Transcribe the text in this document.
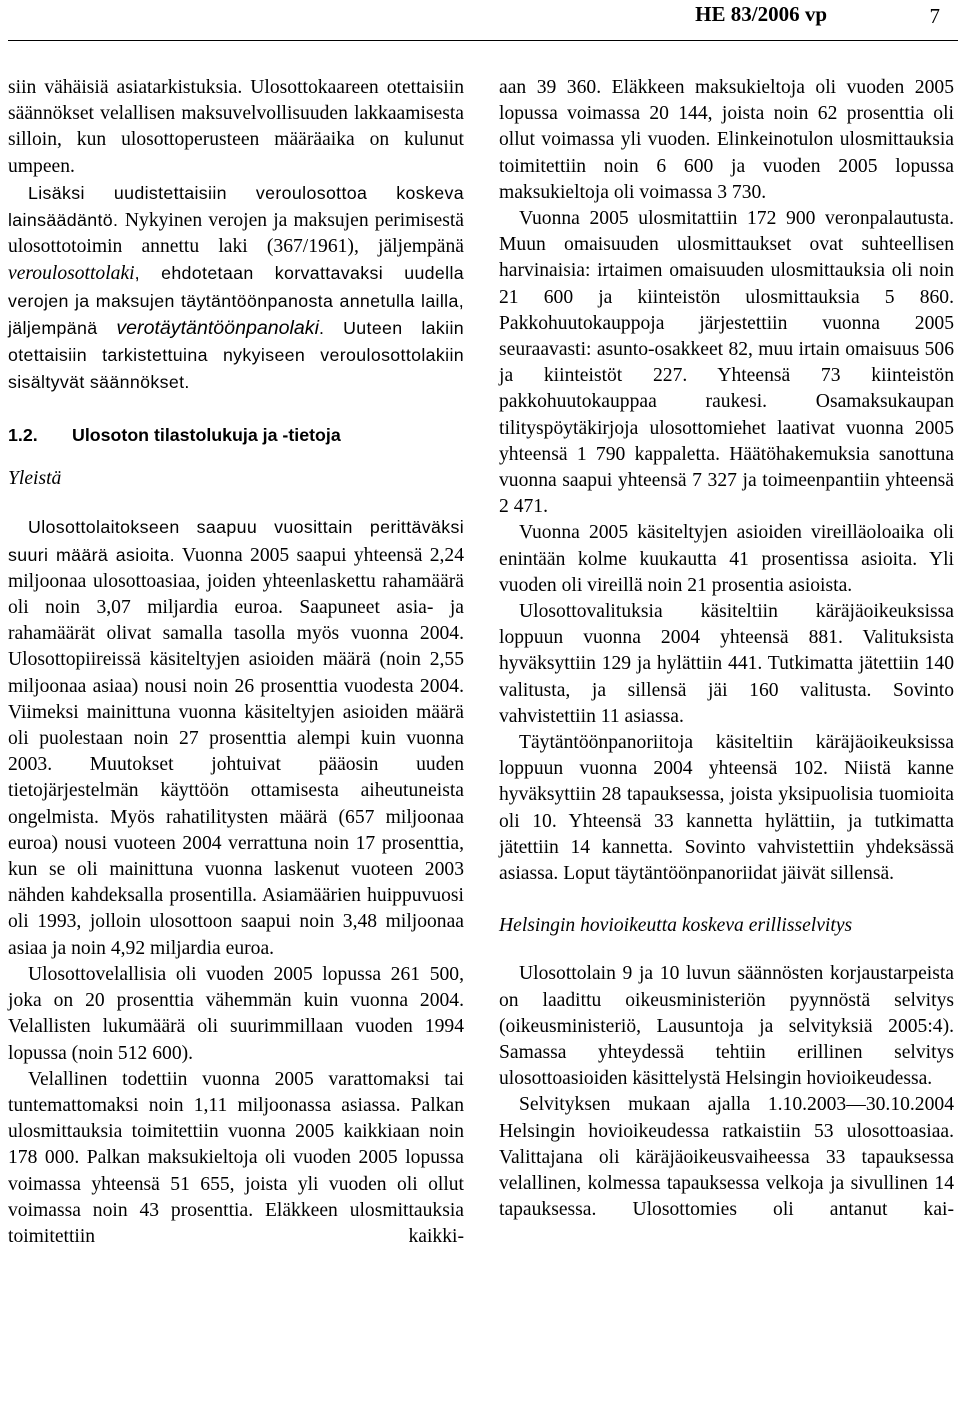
HE 83/2006 vp	7

siin vähäisiä asiatarkistuksia. Ulosottokaareen otettaisiin säännökset velallisen maksuvelvollisuuden lakkaamisesta silloin, kun ulosottoperusteen määräaika on kulunut umpeen.

Lisäksi uudistettaisiin veroulosottoa koskeva lainsäädäntö. Nykyinen verojen ja maksujen perimisestä ulosottotoimin annettu laki (367/1961), jäljempänä veroulosottolaki, ehdotetaan korvattavaksi uudella verojen ja maksujen täytäntöönpanosta annetulla lailla, jäljempänä verotäytäntöönpanolaki. Uuteen lakiin otettaisiin tarkistettuina nykyiseen veroulosottolakiin sisältyvät säännökset.

1.2. Ulosoton tilastolukuja ja -tietoja
Yleistä

Ulosottolaitokseen saapuu vuosittain perittäväksi suuri määrä asioita. Vuonna 2005 saapui yhteensä 2,24 miljoonaa ulosottoasiaa, joiden yhteenlaskettu rahamäärä oli noin 3,07 miljardia euroa. Saapuneet asia- ja rahamäärät olivat samalla tasolla myös vuonna 2004. Ulosottopiireissä käsiteltyjen asioiden määrä (noin 2,55 miljoonaa asiaa) nousi noin 26 prosenttia vuodesta 2004. Viimeksi mainittuna vuonna käsiteltyjen asioiden määrä oli puolestaan noin 27 prosenttia alempi kuin vuonna 2003. Muutokset johtuivat pääosin uuden tietojärjestelmän käyttöön ottamisesta aiheutuneista ongelmista. Myös rahatilitysten määrä (657 miljoonaa euroa) nousi vuoteen 2004 verrattuna noin 17 prosenttia, kun se oli mainittuna vuonna laskenut vuoteen 2003 nähden kahdeksalla prosentilla. Asiamäärien huippuvuosi oli 1993, jolloin ulosottoon saapui noin 3,48 miljoonaa asiaa ja noin 4,92 miljardia euroa.

Ulosottovelallisia oli vuoden 2005 lopussa 261 500, joka on 20 prosenttia vähemmän kuin vuonna 2004. Velallisten lukumäärä oli suurimmillaan vuoden 1994 lopussa (noin 512 600).

Velallinen todettiin vuonna 2005 varattomaksi tai tuntemattomaksi noin 1,11 miljoonassa asiassa. Palkan ulosmittauksia toimitettiin vuonna 2005 kaikkiaan noin 178 000. Palkan maksukieltoja oli vuoden 2005 lopussa voimassa yhteensä 51 655, joista yli vuoden oli ollut voimassa noin 43 prosenttia. Eläkkeen ulosmittauksia toimitettiin kaikki-

aan 39 360. Eläkkeen maksukieltoja oli vuoden 2005 lopussa voimassa 20 144, joista noin 62 prosenttia oli ollut voimassa yli vuoden. Elinkeinotulon ulosmittauksia toimitettiin noin 6 600 ja vuoden 2005 lopussa maksukieltoja oli voimassa 3 730.

Vuonna 2005 ulosmitattiin 172 900 veronpalautusta. Muun omaisuuden ulosmittaukset ovat suhteellisen harvinaisia: irtaimen omaisuuden ulosmittauksia oli noin 21 600 ja kiinteistön ulosmittauksia 5 860. Pakkohuutokauppoja järjestettiin vuonna 2005 seuraavasti: asunto-osakkeet 82, muu irtain omaisuus 506 ja kiinteistöt 227. Yhteensä 73 kiinteistön pakkohuutokauppaa raukesi. Osamaksukaupan tilityspöytäkirjoja ulosottomiehet laativat vuonna 2005 yhteensä 1 790 kappaletta. Häätöhakemuksia sanottuna vuonna saapui yhteensä 7 327 ja toimeenpantiin yhteensä 2 471.

Vuonna 2005 käsiteltyjen asioiden vireilläoloaika oli enintään kolme kuukautta 41 prosentissa asioita. Yli vuoden oli vireillä noin 21 prosentia asioista.

Ulosottovalituksia käsiteltiin käräjäoikeuksissa loppuun vuonna 2004 yhteensä 881. Valituksista hyväksyttiin 129 ja hylättiin 441. Tutkimatta jätettiin 140 valitusta, ja sillensä jäi 160 valitusta. Sovinto vahvistettiin 11 asiassa.

Täytäntöönpanoriitoja käsiteltiin käräjäoikeuksissa loppuun vuonna 2004 yhteensä 102. Niistä kanne hyväksyttiin 28 tapauksessa, joista yksipuolisia tuomioita oli 10. Yhteensä 33 kannetta hylättiin, ja tutkimatta jätettiin 14 kannetta. Sovinto vahvistettiin yhdeksässä asiassa. Loput täytäntöönpanoriidat jäivät sillensä.

Helsingin hovioikeutta koskeva erillisselvitys

Ulosottolain 9 ja 10 luvun säännösten korjaustarpeista on laadittu oikeusministeriön pyynnöstä selvitys (oikeusministeriö, Lausuntoja ja selvityksiä 2005:4). Samassa yhteydessä tehtiin erillinen selvitys ulosottoasioiden käsittelystä Helsingin hovioikeudessa.

Selvityksen mukaan ajalla 1.10.2003—30.10.2004 Helsingin hovioikeudessa ratkaistiin 53 ulosottoasiaa. Valittajana oli käräjäoikeusvaiheessa 33 tapauksessa velallinen, kolmessa tapauksessa velkoja ja sivullinen 14 tapauksessa. Ulosottomies oli antanut kai-
